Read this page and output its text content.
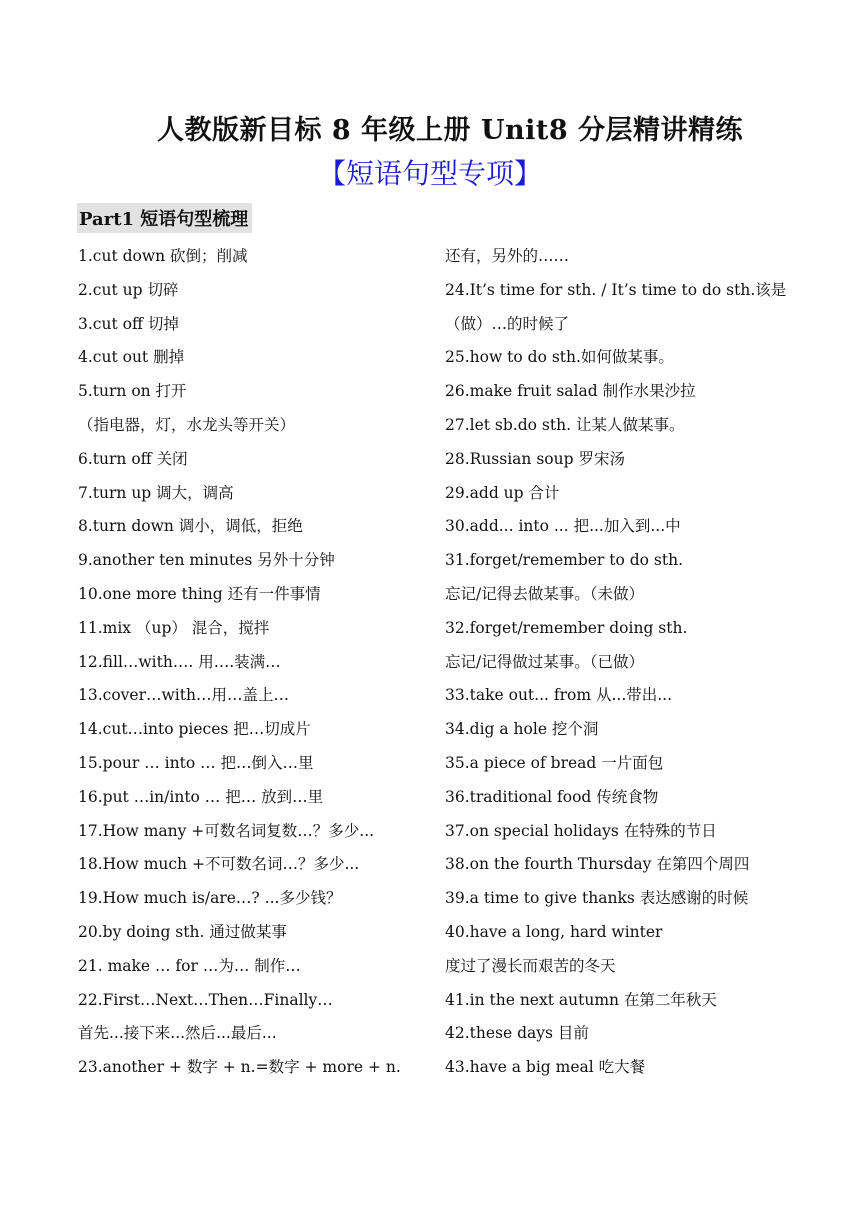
人教版新目标 8 年级上册 Unit8 分层精讲精练
【短语句型专项】
Part1 短语句型梳理
1.cut down 砍倒；削减
2.cut up 切碎
3.cut off 切掉
4.cut out 删掉
5.turn on 打开
（指电器，灯，水龙头等开关）
6.turn off 关闭
7.turn up 调大，调高
8.turn down 调小，调低，拒绝
9.another ten minutes 另外十分钟
10.one more thing 还有一件事情
11.mix （up） 混合，搅拌
12.fill…with…. 用….装满…
13.cover…with…用…盖上…
14.cut…into pieces 把…切成片
15.pour … into … 把…倒入…里
16.put …in/into … 把… 放到…里
17.How many +可数名词复数…？多少...
18.How much +不可数名词…？多少...
19.How much is/are…? ...多少钱？
20.by doing sth. 通过做某事
21. make … for …为… 制作…
22.First…Next…Then…Finally…
首先...接下来...然后...最后...
23.another + 数字 + n.=数字 + more + n.
还有，另外的……
24.It’s time for sth. / It’s time to do sth.该是
（做）…的时候了
25.how to do sth.如何做某事。
26.make fruit salad 制作水果沙拉
27.let sb.do sth. 让某人做某事。
28.Russian soup 罗宋汤
29.add up 合计
30.add... into ... 把...加入到...中
31.forget/remember to do sth.
忘记/记得去做某事。（未做）
32.forget/remember doing sth.
忘记/记得做过某事。（已做）
33.take out... from 从...带出...
34.dig a hole 挖个洞
35.a piece of bread 一片面包
36.traditional food 传统食物
37.on special holidays 在特殊的节日
38.on the fourth Thursday 在第四个周四
39.a time to give thanks 表达感谢的时候
40.have a long, hard winter
度过了漫长而艰苦的冬天
41.in the next autumn 在第二年秋天
42.these days 目前
43.have a big meal 吃大餐
